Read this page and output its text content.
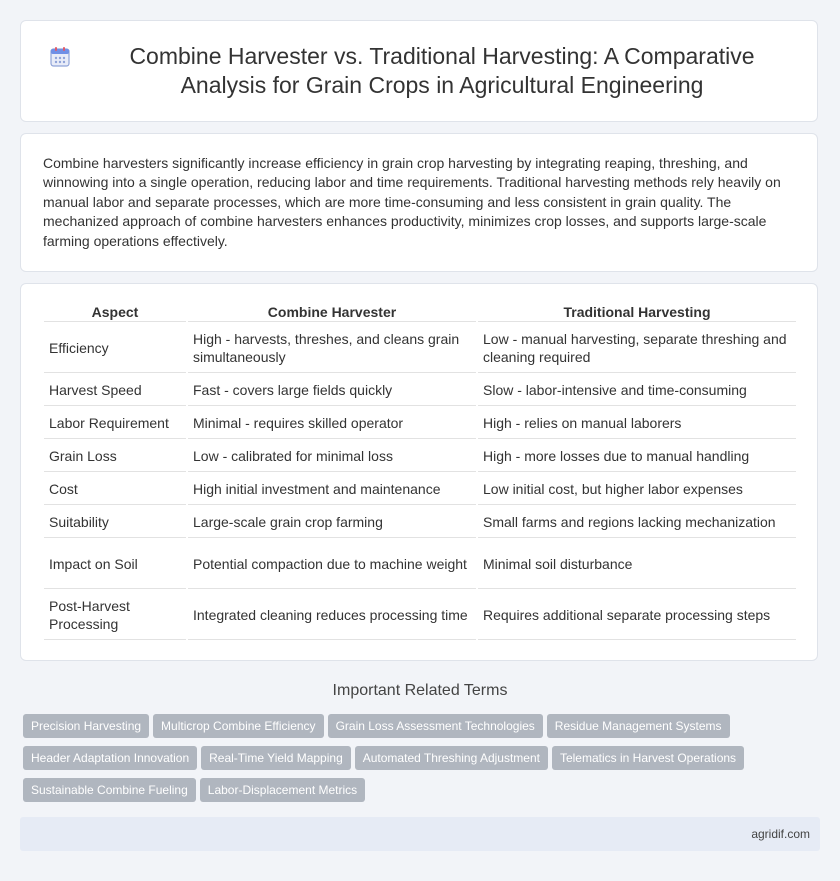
Combine Harvester vs. Traditional Harvesting: A Comparative Analysis for Grain Crops in Agricultural Engineering

Combine harvesters significantly increase efficiency in grain crop harvesting by integrating reaping, threshing, and winnowing into a single operation, reducing labor and time requirements. Traditional harvesting methods rely heavily on manual labor and separate processes, which are more time-consuming and less consistent in grain quality. The mechanized approach of combine harvesters enhances productivity, minimizes crop losses, and supports large-scale farming operations effectively.

Aspect	Combine Harvester	Traditional Harvesting
Efficiency	High - harvests, threshes, and cleans grain simultaneously	Low - manual harvesting, separate threshing and cleaning required
Harvest Speed	Fast - covers large fields quickly	Slow - labor-intensive and time-consuming
Labor Requirement	Minimal - requires skilled operator	High - relies on manual laborers
Grain Loss	Low - calibrated for minimal loss	High - more losses due to manual handling
Cost	High initial investment and maintenance	Low initial cost, but higher labor expenses
Suitability	Large-scale grain crop farming	Small farms and regions lacking mechanization
Impact on Soil	Potential compaction due to machine weight	Minimal soil disturbance
Post-Harvest Processing	Integrated cleaning reduces processing time	Requires additional separate processing steps
Important Related Terms
Precision Harvesting Multicrop Combine Efficiency Grain Loss Assessment Technologies Residue Management Systems
Header Adaptation Innovation Real-Time Yield Mapping Automated Threshing Adjustment Telematics in Harvest Operations
Sustainable Combine Fueling Labor-Displacement Metrics
agridif.com
